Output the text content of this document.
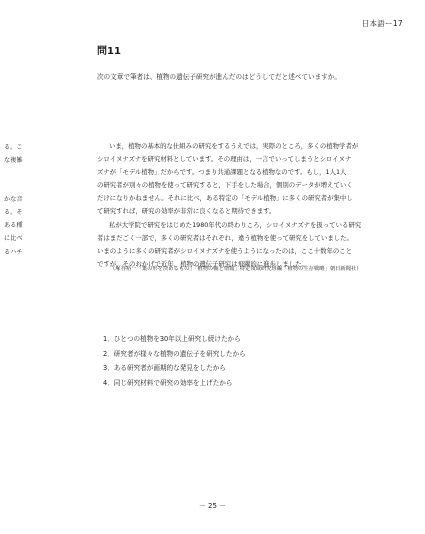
日本語ー17
問11
次の文章で筆者は、植物の遺伝子研究が進んだのはどうしてだと述べていますか。
る。こ
な複雑
かな音
る。そ
ある種
に比べ
るハチ

いま，植物の基本的な仕組みの研究をするうえでは，実際のところ，多くの植物学者が

シロイヌナズナを研究材料としています。その理由は，一言でいってしまうとシロイヌナ

ズナが「モデル植物」だからです。つまり共通課題となる植物なのです。もし，1人1人

の研究者が別々の植物を使って研究すると，下手をした場合，個別のデータが増えていく

だけになりかねません。それに比べ，ある特定の「モデル植物」に多くの研究者が集中し

て研究すれば，研究の効率が非常に良くなると期待できます。

私が大学院で研究をはじめた1980年代の終わりころ，シロイヌナズナを扱っている研究

者はまだごく一部で，多くの研究者はそれぞれ，違う植物を使って研究をしていました。

いまのように多くの研究者がシロイヌナズナを使うようになったのは，ここ十数年のこと

ですが，そのおかげで近年，植物の遺伝子研究は飛躍的に進歩しました。

（塚谷裕一「葉の形を決めるもの」「植物の軸と情報」特定領域研究班編「植物の生存戦略」朝日新聞社）
1．ひとつの植物を30年以上研究し続けたから
2．研究者が様々な植物の遺伝子を研究したから
3．ある研究者が画期的な発見をしたから
4．同じ研究材料で研究の効率を上げたから
－ 25 －
